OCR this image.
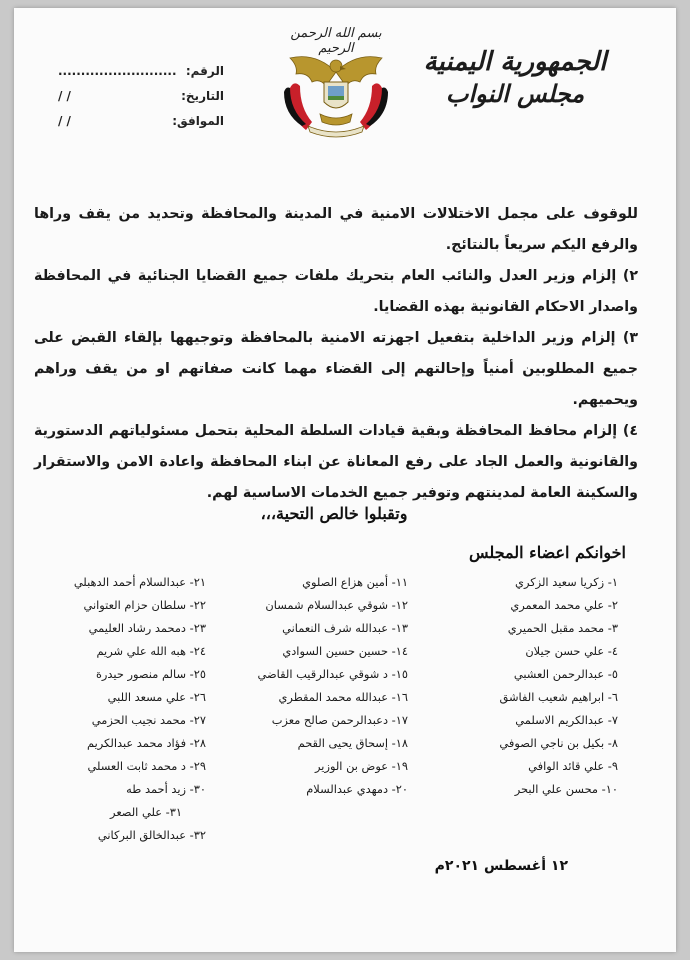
الجمهورية اليمنية
مجلس النواب
بسم الله الرحمن الرحيم
الرقم:
..........................
التاريخ:
/ /
الموافق:
/ /

للوقوف على مجمل الاختلالات الامنية في المدينة والمحافظة وتحديد من يقف وراها والرفع اليكم سريعاً بالنتائج.

٢) إلزام وزير العدل والنائب العام بتحريك ملفات جميع القضايا الجنائية في المحافظة واصدار الاحكام القانونية بهذه القضايا.

٣) إلزام وزير الداخلية بتفعيل اجهزته الامنية بالمحافظة وتوجيهها بإلقاء القبض على جميع المطلوبين أمنياً وإحالتهم إلى القضاء مهما كانت صفاتهم او من يقف وراهم ويحميهم.

٤) إلزام محافظ المحافظة وبقية قيادات السلطة المحلية بتحمل مسئولياتهم الدستورية والقانونية والعمل الجاد على رفع المعاناة عن ابناء المحافظة واعادة الامن والاستقرار والسكينة العامة لمدينتهم وتوفير جميع الخدمات الاساسية لهم.

وتقبلوا خالص التحية،،،
اخوانكم اعضاء المجلس
١- زكريا سعيد الزكري
٢- علي محمد المعمري
٣- محمد مقبل الحميري
٤- علي حسن جيلان
٥- عبدالرحمن العشبي
٦- ابراهيم شعيب الفاشق
٧- عبدالكريم الاسلمي
٨- بكيل بن ناجي الصوفي
٩- علي قائد الوافي
١٠- محسن علي البحر
١١- أمين هزاع الصلوي
١٢- شوقي عبدالسلام شمسان
١٣- عبدالله شرف النعماني
١٤- حسين حسين السوادي
١٥- د شوقي عبدالرقيب القاضي
١٦- عبدالله محمد المقطري
١٧- دعبدالرحمن صالح معزب
١٨- إسحاق يحيى القحم
١٩- عوض بن الوزير
٢٠- دمهدي عبدالسلام
٢١- عبدالسلام أحمد الدهبلي
٢٢- سلطان حزام العتواني
٢٣- دمحمد رشاد العليمي
٢٤- هبه الله علي شريم
٢٥- سالم منصور حيدرة
٢٦- علي مسعد اللبي
٢٧- محمد نجيب الحزمي
٢٨- فؤاد محمد عبدالكريم
٢٩- د محمد ثابت العسلي
٣٠- زيد أحمد طه
٣١- علي الصعر
٣٢- عبدالخالق البركاني
١٢ أغسطس ٢٠٢١م
